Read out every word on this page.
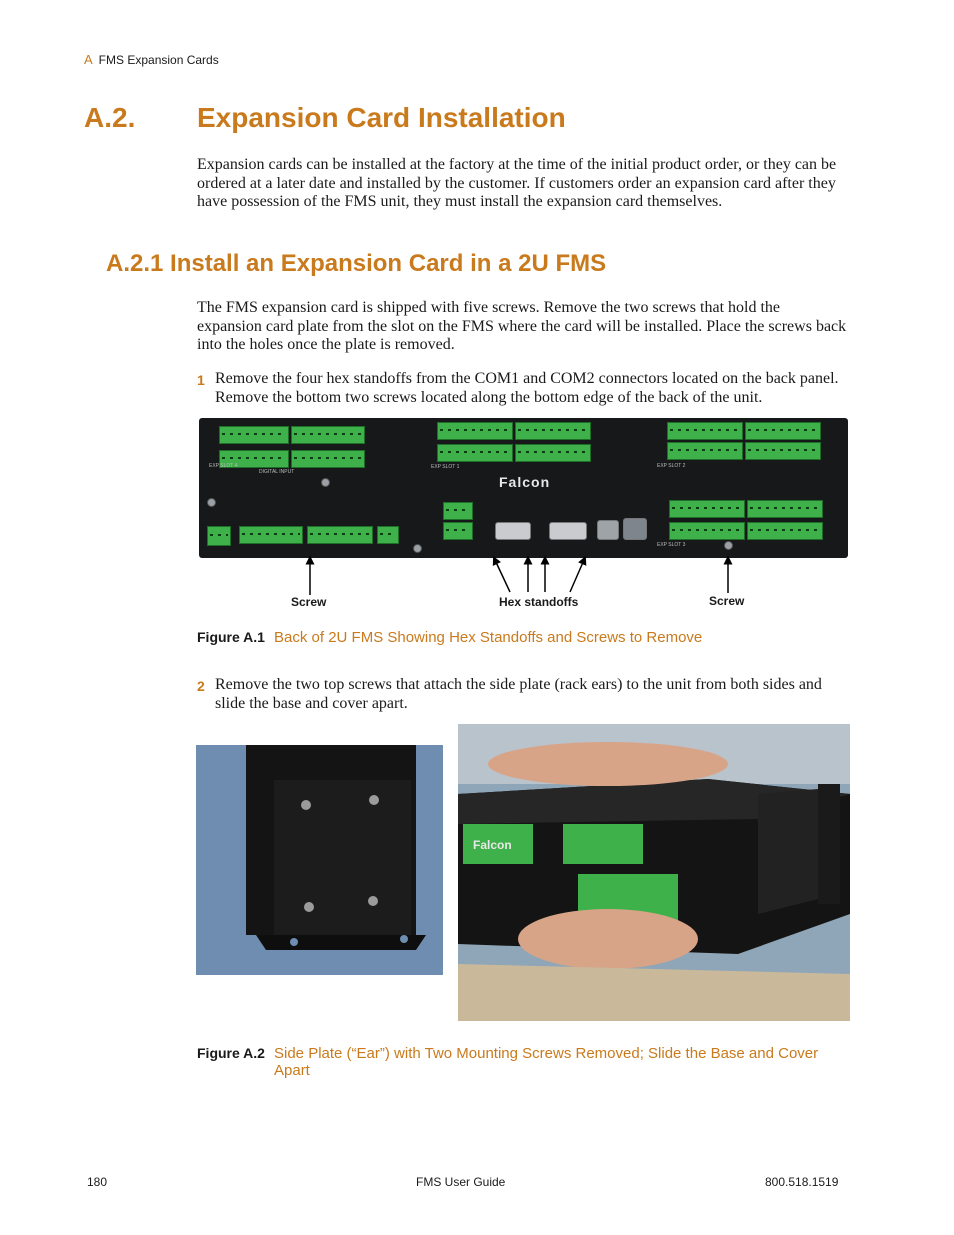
A FMS Expansion Cards
A.2. Expansion Card Installation
Expansion cards can be installed at the factory at the time of the initial product order, or they can be ordered at a later date and installed by the customer. If customers order an expansion card after they have possession of the FMS unit, they must install the expansion card themselves.
A.2.1 Install an Expansion Card in a 2U FMS
The FMS expansion card is shipped with five screws. Remove the two screws that hold the expansion card plate from the slot on the FMS where the card will be installed. Place the screws back into the holes once the plate is removed.
1 Remove the four hex standoffs from the COM1 and COM2 connectors located on the back panel. Remove the bottom two screws located along the bottom edge of the back of the unit.
DIGITAL INPUT
EXP SLOT 4	EXP SLOT 1	EXP SLOT 2
EXP SLOT 3
Falcon
Screw	Hex standoffs	Screw
Figure A.1 Back of 2U FMS Showing Hex Standoffs and Screws to Remove
2 Remove the two top screws that attach the side plate (rack ears) to the unit from both sides and slide the base and cover apart.
Falcon
Figure A.2 Side Plate (“Ear”) with Two Mounting Screws Removed; Slide the Base and Cover Apart
180	FMS User Guide	800.518.1519
